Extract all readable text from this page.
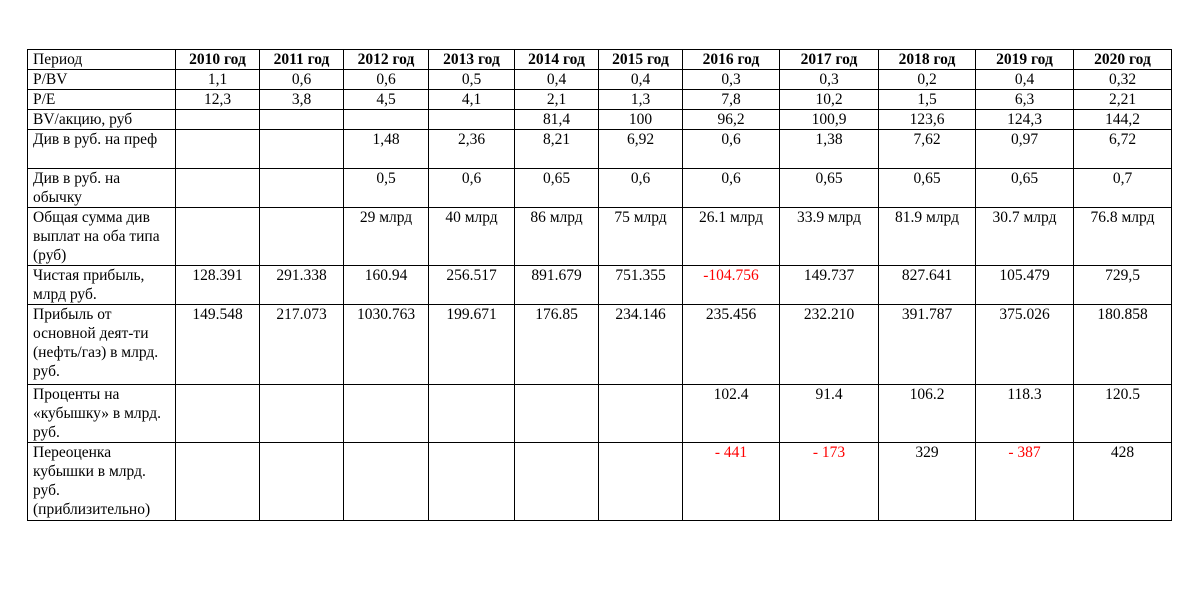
Период	2010 год	2011 год	2012 год	2013 год	2014 год	2015 год	2016 год	2017 год	2018 год	2019 год	2020 год
P/BV	1,1	0,6	0,6	0,5	0,4	0,4	0,3	0,3	0,2	0,4	0,32
P/E	12,3	3,8	4,5	4,1	2,1	1,3	7,8	10,2	1,5	6,3	2,21
BV/акцию, руб					81,4	100	96,2	100,9	123,6	124,3	144,2
Див в руб. на преф			1,48	2,36	8,21	6,92	0,6	1,38	7,62	0,97	6,72
Див в руб. на обычку			0,5	0,6	0,65	0,6	0,6	0,65	0,65	0,65	0,7
Общая сумма див выплат на оба типа (руб)			29 млрд	40 млрд	86 млрд	75 млрд	26.1 млрд	33.9 млрд	81.9 млрд	30.7 млрд	76.8 млрд
Чистая прибыль, млрд руб.	128.391	291.338	160.94	256.517	891.679	751.355	-104.756	149.737	827.641	105.479	729,5
Прибыль от основной деят-ти (нефть/газ) в млрд. руб.	149.548	217.073	1030.763	199.671	176.85	234.146	235.456	232.210	391.787	375.026	180.858
Проценты на «кубышку» в млрд. руб.							102.4	91.4	106.2	118.3	120.5
Переоценка кубышки в млрд. руб. (приблизительно)							- 441	- 173	329	- 387	428
